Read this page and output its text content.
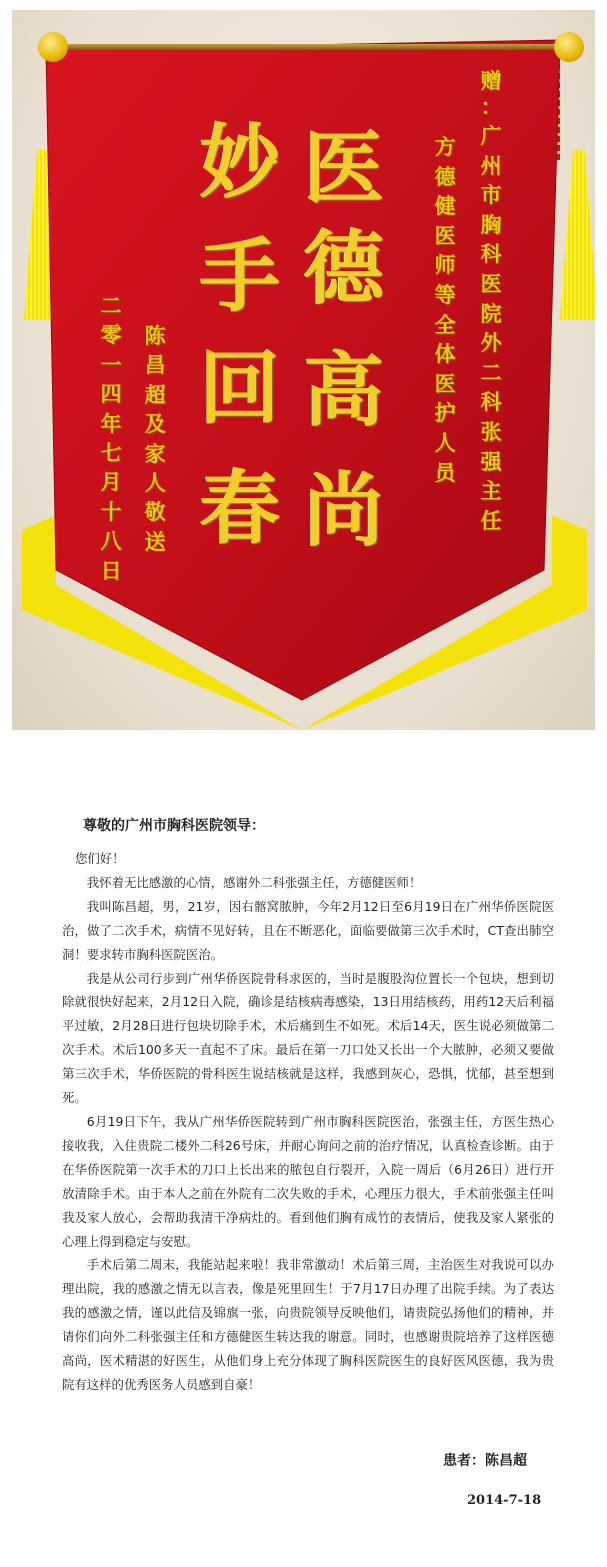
医
德
高
尚
妙
手
回
春
赠
：
广
州
市
胸
科
医
院
外
二
科
张
强
主
任
方
德
健
医
师
等
全
体
医
护
人
员
陈
昌
超
及
家
人
敬
送
二
零
一
四
年
七
月
十
八
日
尊敬的广州市胸科医院领导：

您们好！

我怀着无比感激的心情，感谢外二科张强主任，方德健医师！

我叫陈昌超，男，21岁，因右髂窝脓肿，今年2月12日至6月19日在广州华侨医院医治，做了二次手术，病情不见好转，且在不断恶化，面临要做第三次手术时，CT查出肺空洞！要求转市胸科医院医治。

我是从公司行步到广州华侨医院骨科求医的，当时是腹股沟位置长一个包块，想到切除就很快好起来，2月12日入院，确诊是结核病毒感染，13日用结核药，用药12天后利福平过敏，2月28日进行包块切除手术，术后痛到生不如死。术后14天，医生说必须做第二次手术。术后100多天一直起不了床。最后在第一刀口处又长出一个大脓肿，必须又要做第三次手术，华侨医院的骨科医生说结核就是这样，我感到灰心，恐惧，忧郁，甚至想到死。

6月19日下午，我从广州华侨医院转到广州市胸科医院医治，张强主任，方医生热心接收我，入住贵院二楼外二科26号床，并耐心询问之前的治疗情况，认真检查诊断。由于在华侨医院第一次手术的刀口上长出来的脓包自行裂开，入院一周后（6月26日）进行开放清除手术。由于本人之前在外院有二次失败的手术，心理压力很大，手术前张强主任叫我及家人放心，会帮助我清干净病灶的。看到他们胸有成竹的表情后，使我及家人紧张的心理上得到稳定与安慰。

手术后第二周末，我能站起来啦！我非常激动！术后第三周，主治医生对我说可以办理出院，我的感激之情无以言表，像是死里回生！于7月17日办理了出院手续。为了表达我的感激之情，谨以此信及锦旗一张，向贵院领导反映他们，请贵院弘扬他们的精神，并请你们向外二科张强主任和方德健医生转达我的谢意。同时，也感谢贵院培养了这样医德高尚，医术精湛的好医生，从他们身上充分体现了胸科医院医生的良好医风医德，我为贵院有这样的优秀医务人员感到自豪！

患者：陈昌超
2014-7-18
